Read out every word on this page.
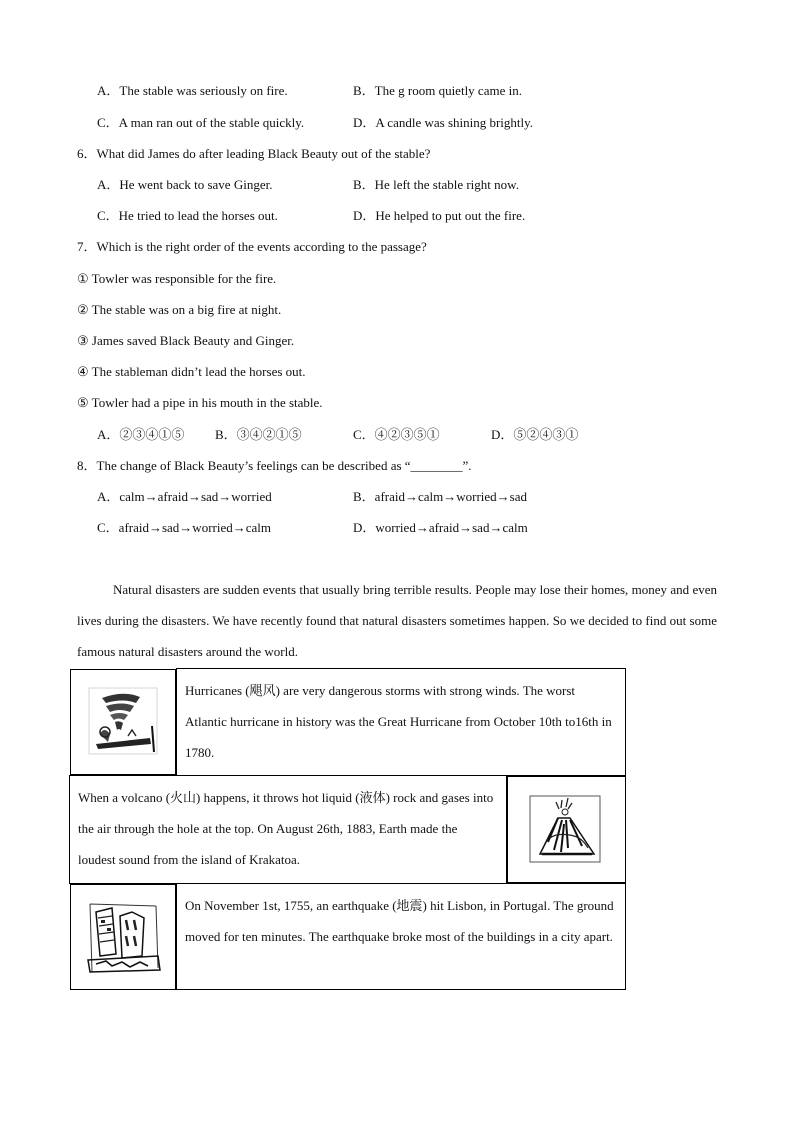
A．The stable was seriously on fire.	B．The g room quietly came in.
C．A man ran out of the stable quickly.	D．A candle was shining brightly.
6．What did James do after leading Black Beauty out of the stable?
A．He went back to save Ginger.	B．He left the stable right now.
C．He tried to lead the horses out.	D．He helped to put out the fire.
7．Which is the right order of the events according to the passage?
① Towler was responsible for the fire.
② The stable was on a big fire at night.
③ James saved Black Beauty and Ginger.
④ The stableman didn’t lead the horses out.
⑤ Towler had a pipe in his mouth in the stable.
A．②③④①⑤ B．③④②①⑤	C．④②③⑤①	D．⑤②④③①
8．The change of Black Beauty’s feelings can be described as “________”.
A．calm→afraid→sad→worried	B．afraid→calm→worried→sad
C．afraid→sad→worried→calm	D．worried→afraid→sad→calm
Natural disasters are sudden events that usually bring terrible results. People may lose their homes, money and even lives during the disasters. We have recently found that natural disasters sometimes happen. So we decided to find out some famous natural disasters around the world.
Hurricanes (飓风) are very dangerous storms with strong winds. The worst Atlantic hurricane in history was the Great Hurricane from October 10th to16th in 1780.

When a volcano (火山) happens, it throws hot liquid (液体) rock and gases into the air through the hole at the top. On August 26th, 1883, Earth made the loudest sound from the island of Krakatoa.

On November 1st, 1755, an earthquake (地震) hit Lisbon, in Portugal. The ground moved for ten minutes. The earthquake broke most of the buildings in a city apart.
